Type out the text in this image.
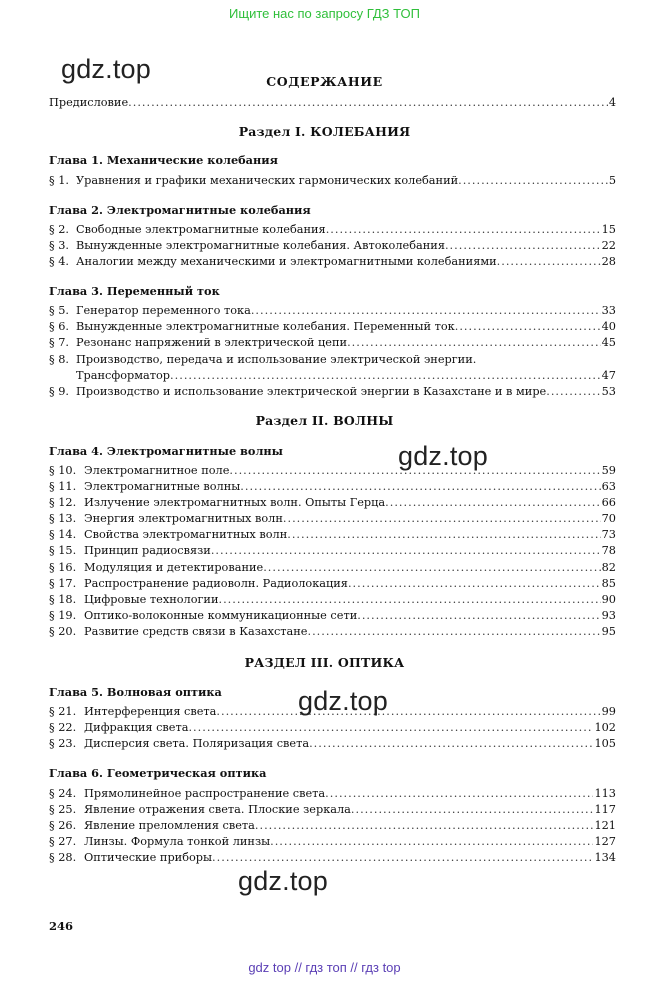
Ищите нас по запросу ГДЗ ТОП
gdz.top
gdz.top
gdz.top
gdz.top
СОДЕРЖАНИЕ
Предисловие .....	4
Раздел I. КОЛЕБАНИЯ
Глава 1. Механические колебания
§ 1. Уравнения и графики механических гармонических колебаний .....	5
Глава 2. Электромагнитные колебания
§ 2. Свободные электромагнитные колебания .....	15
§ 3. Вынужденные электромагнитные колебания. Автоколебания .....	22
§ 4. Аналогии между механическими и электромагнитными колебаниями .....	28
Глава 3. Переменный ток
§ 5. Генератор переменного тока .....	33
§ 6. Вынужденные электромагнитные колебания. Переменный ток .....	40
§ 7. Резонанс напряжений в электрической цепи .....	45
§ 8. Производство, передача и использование электрической энергии.
Трансформатор .....	47
§ 9. Производство и использование электрической энергии в Казахстане и в мире .....	53
Раздел II. ВОЛНЫ
Глава 4. Электромагнитные волны
§ 10. Электромагнитное поле .....	59
§ 11. Электромагнитные волны .....	63
§ 12. Излучение электромагнитных волн. Опыты Герца .....	66
§ 13. Энергия электромагнитных волн .....	70
§ 14. Свойства электромагнитных волн .....	73
§ 15. Принцип радиосвязи .....	78
§ 16. Модуляция и детектирование .....	82
§ 17. Распространение радиоволн. Радиолокация .....	85
§ 18. Цифровые технологии .....	90
§ 19. Оптико-волоконные коммуникационные сети .....	93
§ 20. Развитие средств связи в Казахстане .....	95
РАЗДЕЛ III. ОПТИКА
Глава 5. Волновая оптика
§ 21. Интерференция света .....	99
§ 22. Дифракция света .....	102
§ 23. Дисперсия света. Поляризация света .....	105
Глава 6. Геометрическая оптика
§ 24. Прямолинейное распространение света .....	113
§ 25. Явление отражения света. Плоские зеркала .....	117
§ 26. Явление преломления света .....	121
§ 27. Линзы. Формула тонкой линзы .....	127
§ 28. Оптические приборы .....	134
246
gdz top // гдз топ // гдз top
